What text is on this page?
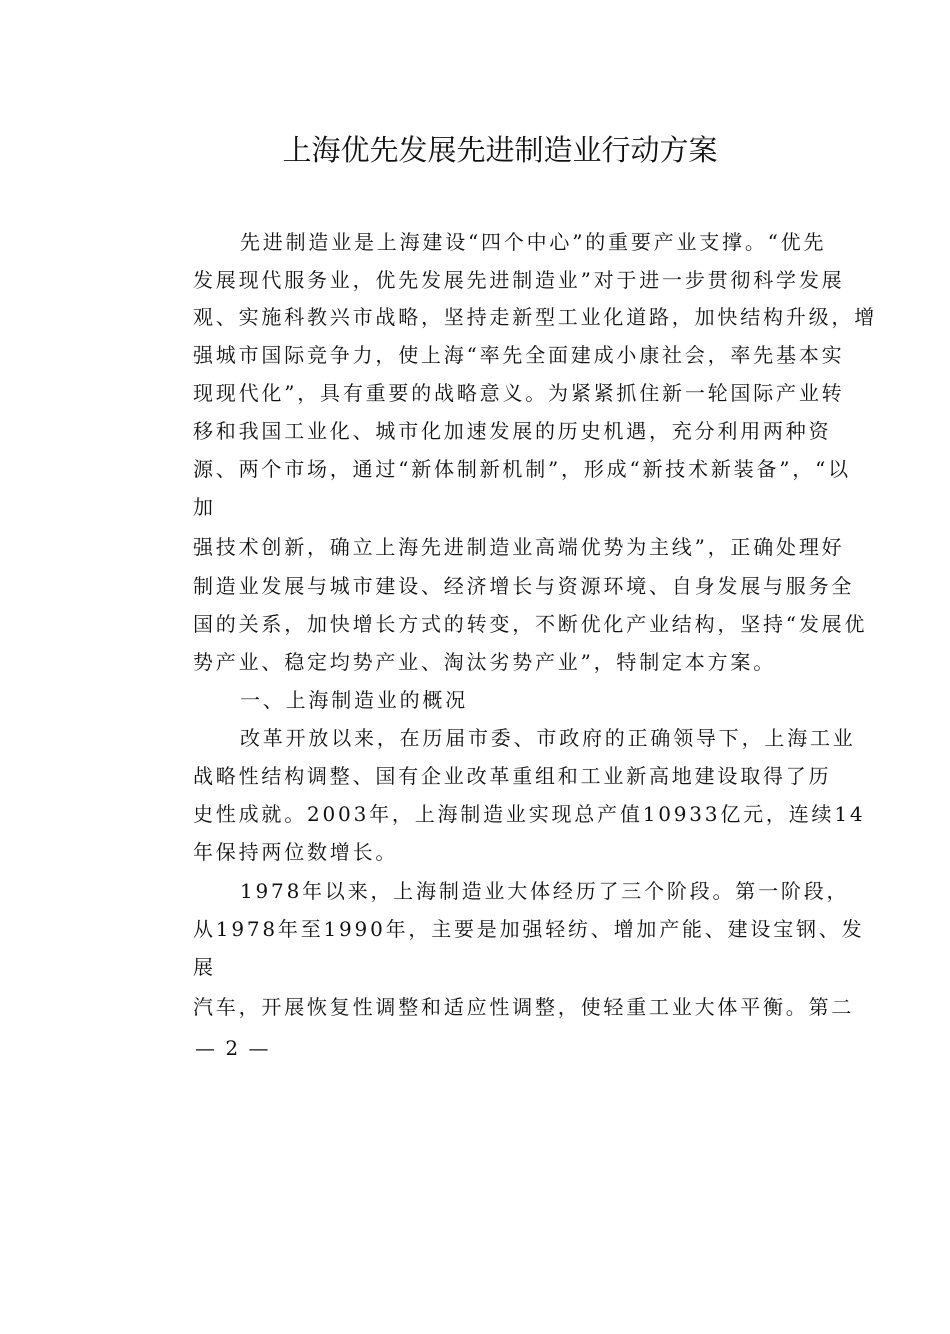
上海优先发展先进制造业行动方案
先进制造业是上海建设“四个中心”的重要产业支撑。“优先
发展现代服务业，优先发展先进制造业”对于进一步贯彻科学发展
观、实施科教兴市战略，坚持走新型工业化道路，加快结构升级，增
强城市国际竞争力，使上海“率先全面建成小康社会，率先基本实
现现代化”，具有重要的战略意义。为紧紧抓住新一轮国际产业转
移和我国工业化、城市化加速发展的历史机遇，充分利用两种资
源、两个市场，通过“新体制新机制”，形成“新技术新装备”，“以
加
强技术创新，确立上海先进制造业高端优势为主线”，正确处理好
制造业发展与城市建设、经济增长与资源环境、自身发展与服务全
国的关系，加快增长方式的转变，不断优化产业结构，坚持“发展优
势产业、稳定均势产业、淘汰劣势产业”，特制定本方案。
一、上海制造业的概况
改革开放以来，在历届市委、市政府的正确领导下，上海工业
战略性结构调整、国有企业改革重组和工业新高地建设取得了历
史性成就。2003年，上海制造业实现总产值10933亿元，连续14
年保持两位数增长。
1978年以来，上海制造业大体经历了三个阶段。第一阶段，
从1978年至1990年，主要是加强轻纺、增加产能、建设宝钢、发
展
汽车，开展恢复性调整和适应性调整，使轻重工业大体平衡。第二
— 2 —
